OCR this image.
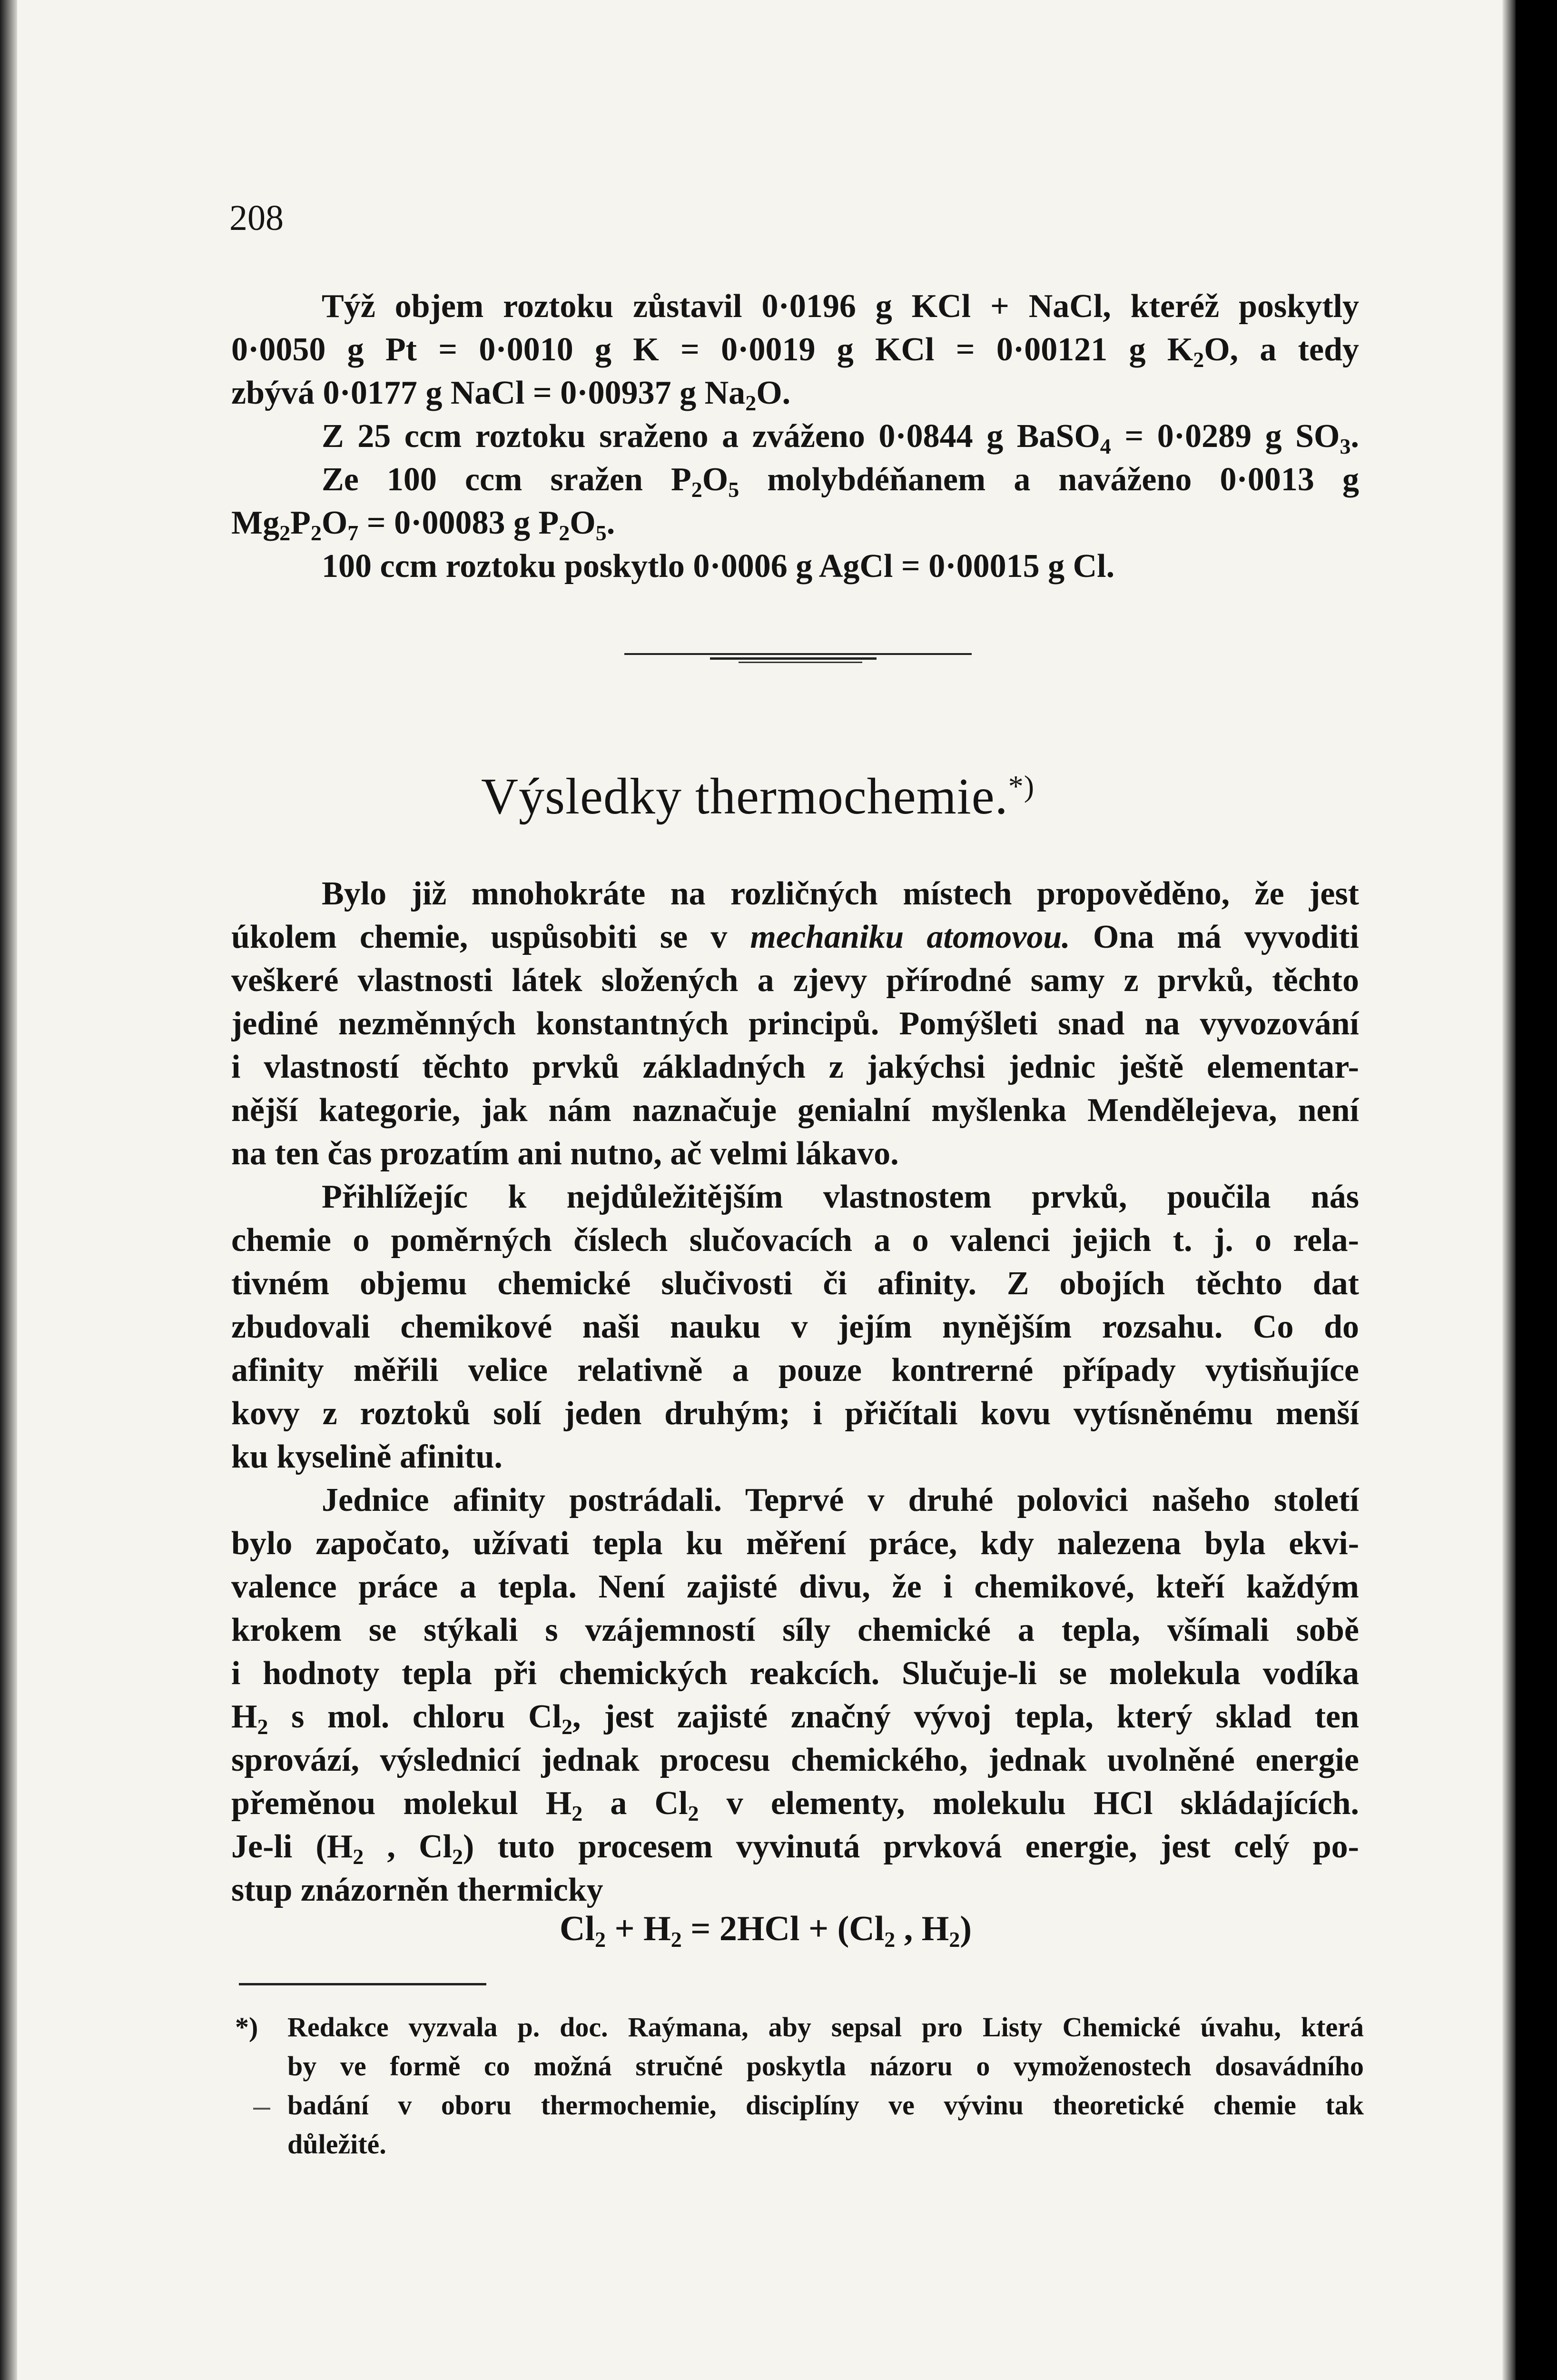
208
Týž objem roztoku zůstavil 0·0196 g KCl + NaCl, kteréž poskytly
0·0050 g Pt = 0·0010 g K = 0·0019 g KCl = 0·00121 g $K_2O$, a tedy
zbývá 0·0177 g NaCl = 0·00937 g $Na_2O$.
Z 25 ccm roztoku sraženo a zváženo 0·0844 g BaSO$_4$ = 0·0289 g $SO_3$.
Ze 100 ccm sražen $P_2O_5$ molybdéňanem a naváženo 0·0013 g
$Mg_2P_2O_7 = 0\cdot 00083$ g $P_2O_5$.
100 ccm roztoku poskytlo 0·0006 g AgCl = 0·00015 g Cl.
Výsledky thermochemie.*)
Bylo již mnohokráte na rozličných místech propověděno, že jest
úkolem chemie, uspůsobiti se v mechaniku atomovou. Ona má vyvoditi
veškeré vlastnosti látek složených a zjevy přírodné samy z prvků, těchto
jediné nezměnných konstantných principů. Pomýšleti snad na vyvozování
i vlastností těchto prvků základných z jakýchsi jednic ještě elementar-
nější kategorie, jak nám naznačuje genialní myšlenka Mendělejeva, není
na ten čas prozatím ani nutno, ač velmi lákavo.
Přihlížejíc k nejdůležitějším vlastnostem prvků, poučila nás
chemie o poměrných číslech slučovacích a o valenci jejich t. j. o rela-
tivném objemu chemické slučivosti či afinity. Z obojích těchto dat
zbudovali chemikové naši nauku v jejím nynějším rozsahu. Co do
afinity měřili velice relativně a pouze kontrerné případy vytisňujíce
kovy z roztoků solí jeden druhým; i přičítali kovu vytísněnému menší
ku kyselině afinitu.
Jednice afinity postrádali. Teprvé v druhé polovici našeho století
bylo započato, užívati tepla ku měření práce, kdy nalezena byla ekvi-
valence práce a tepla. Není zajisté divu, že i chemikové, kteří každým
krokem se stýkali s vzájemností síly chemické a tepla, všímali sobě
i hodnoty tepla při chemických reakcích. Slučuje-li se molekula vodíka
$H_2$ s mol. chloru $Cl_2$, jest zajisté značný vývoj tepla, který sklad ten
sprovází, výslednicí jednak procesu chemického, jednak uvolněné energie
přeměnou molekul $H_2$ a $Cl_2$ v elementy, molekulu HCl skládajících.
Je-li ($H_2$ , $Cl_2$) tuto procesem vyvinutá prvková energie, jest celý po-
stup znázorněn thermicky
$Cl_2 + H_2 = 2HCl + (Cl_2$ , $H_2$)
*) Redakce vyzvala p. doc. Raýmana, aby sepsal pro Listy Chemické úvahu, která
by ve formě co možná stručné poskytla názoru o vymoženostech dosavádního
badání v oboru thermochemie, disciplíny ve vývinu theoretické chemie tak
důležité.
